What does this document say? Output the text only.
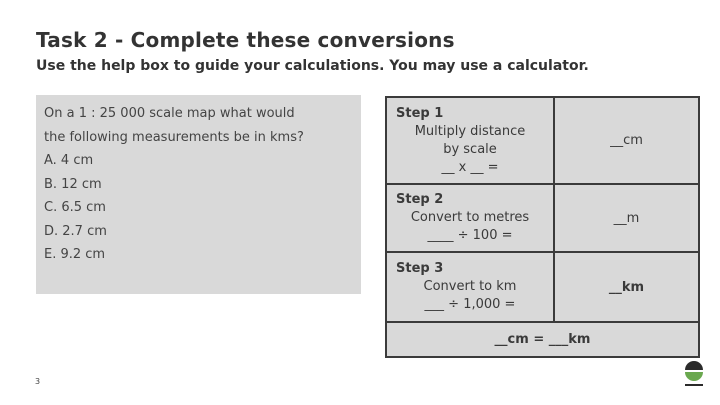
Task 2 - Complete these conversions
Use the help box to guide your calculations. You may use a calculator.
On a 1 : 25 000 scale map what would
the following measurements be in kms?
A. 4 cm
B. 12 cm
C. 6.5 cm
D. 2.7 cm
E. 9.2 cm
Step 1
Multiply distance
by scale
__ x __ =	__cm

Step 2
Convert to metres
____ ÷ 100 =	__m

Step 3
Convert to km
___ ÷ 1,000 =	__km
__cm = ___km	
3
